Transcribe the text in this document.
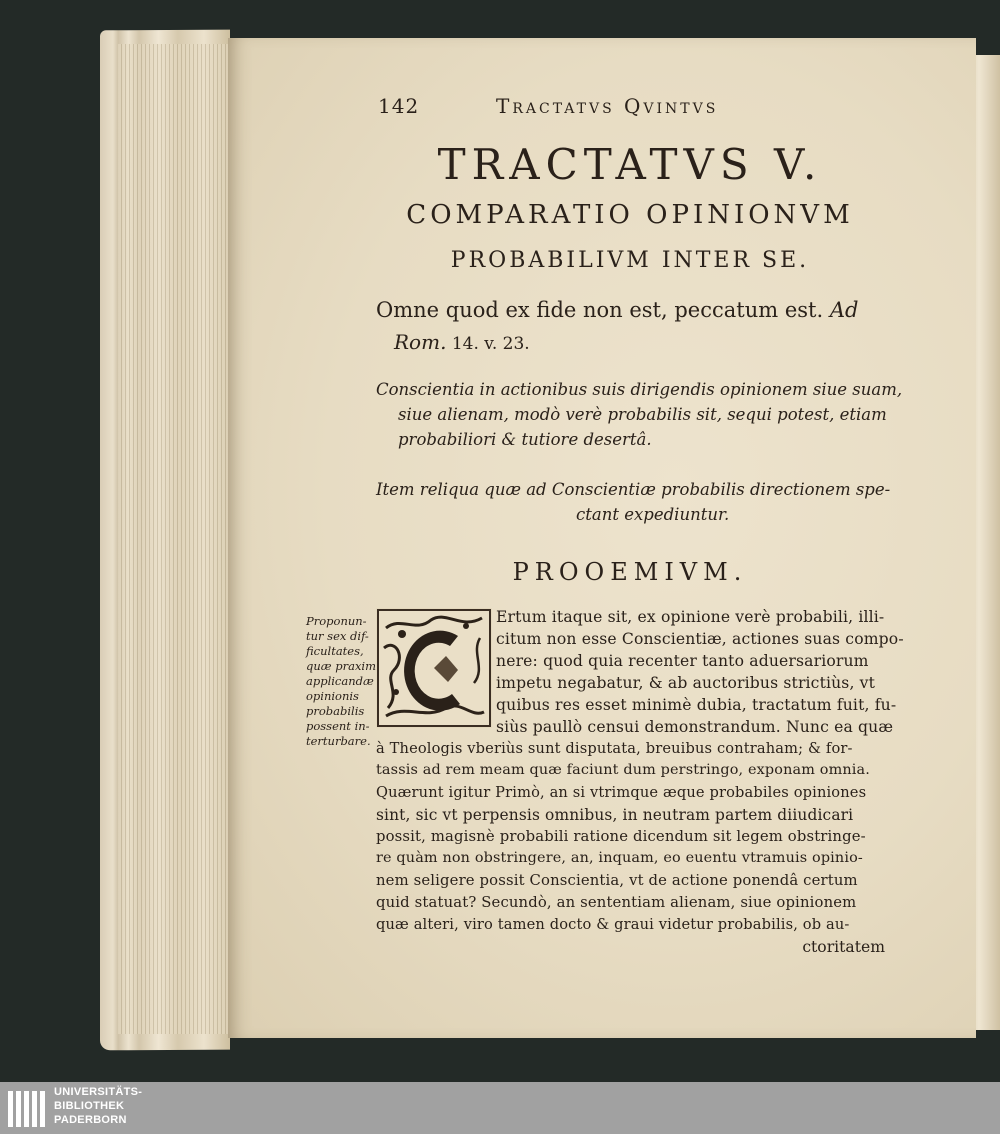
142	Tractatvs Qvintvs
TRACTATVS V.
COMPARATIO OPINIONVM
PROBABILIVM INTER SE.
Omne quod ex fide non est, peccatum est. Ad
Rom. 14. v. 23.
Conscientia in actionibus suis dirigendis opinionem siue suam,
siue alienam, modò verè probabilis sit, sequi potest, etiam
probabiliori & tutiore desertâ.
Item reliqua quæ ad Conscientiæ probabilis directionem spe-
ctant expediuntur.
PROOEMIVM.
Proponun-
tur sex dif-
ficultates,
quæ praxim
applicandæ
opinionis
probabilis
possent in-
terturbare.
Ertum itaque sit, ex opinione verè probabili, illi-
citum non esse Conscientiæ, actiones suas compo-
nere: quod quia recenter tanto aduersariorum
impetu negabatur, & ab auctoribus strictiùs, vt
quibus res esset minimè dubia, tractatum fuit, fu-
siùs paullò censui demonstrandum. Nunc ea quæ
à Theologis vberiùs sunt disputata, breuibus contraham; & for-
tassis ad rem meam quæ faciunt dum perstringo, exponam omnia.
Quærunt igitur Primò, an si vtrimque æque probabiles opiniones
sint, sic vt perpensis omnibus, in neutram partem diiudicari
possit, magisnè probabili ratione dicendum sit legem obstringe-
re quàm non obstringere, an, inquam, eo euentu vtramuis opinio-
nem seligere possit Conscientia, vt de actione ponendâ certum
quid statuat? Secundò, an sententiam alienam, siue opinionem
quæ alteri, viro tamen docto & graui videtur probabilis, ob au-
ctoritatem
UNIVERSITÄTS-
BIBLIOTHEK
PADERBORN
